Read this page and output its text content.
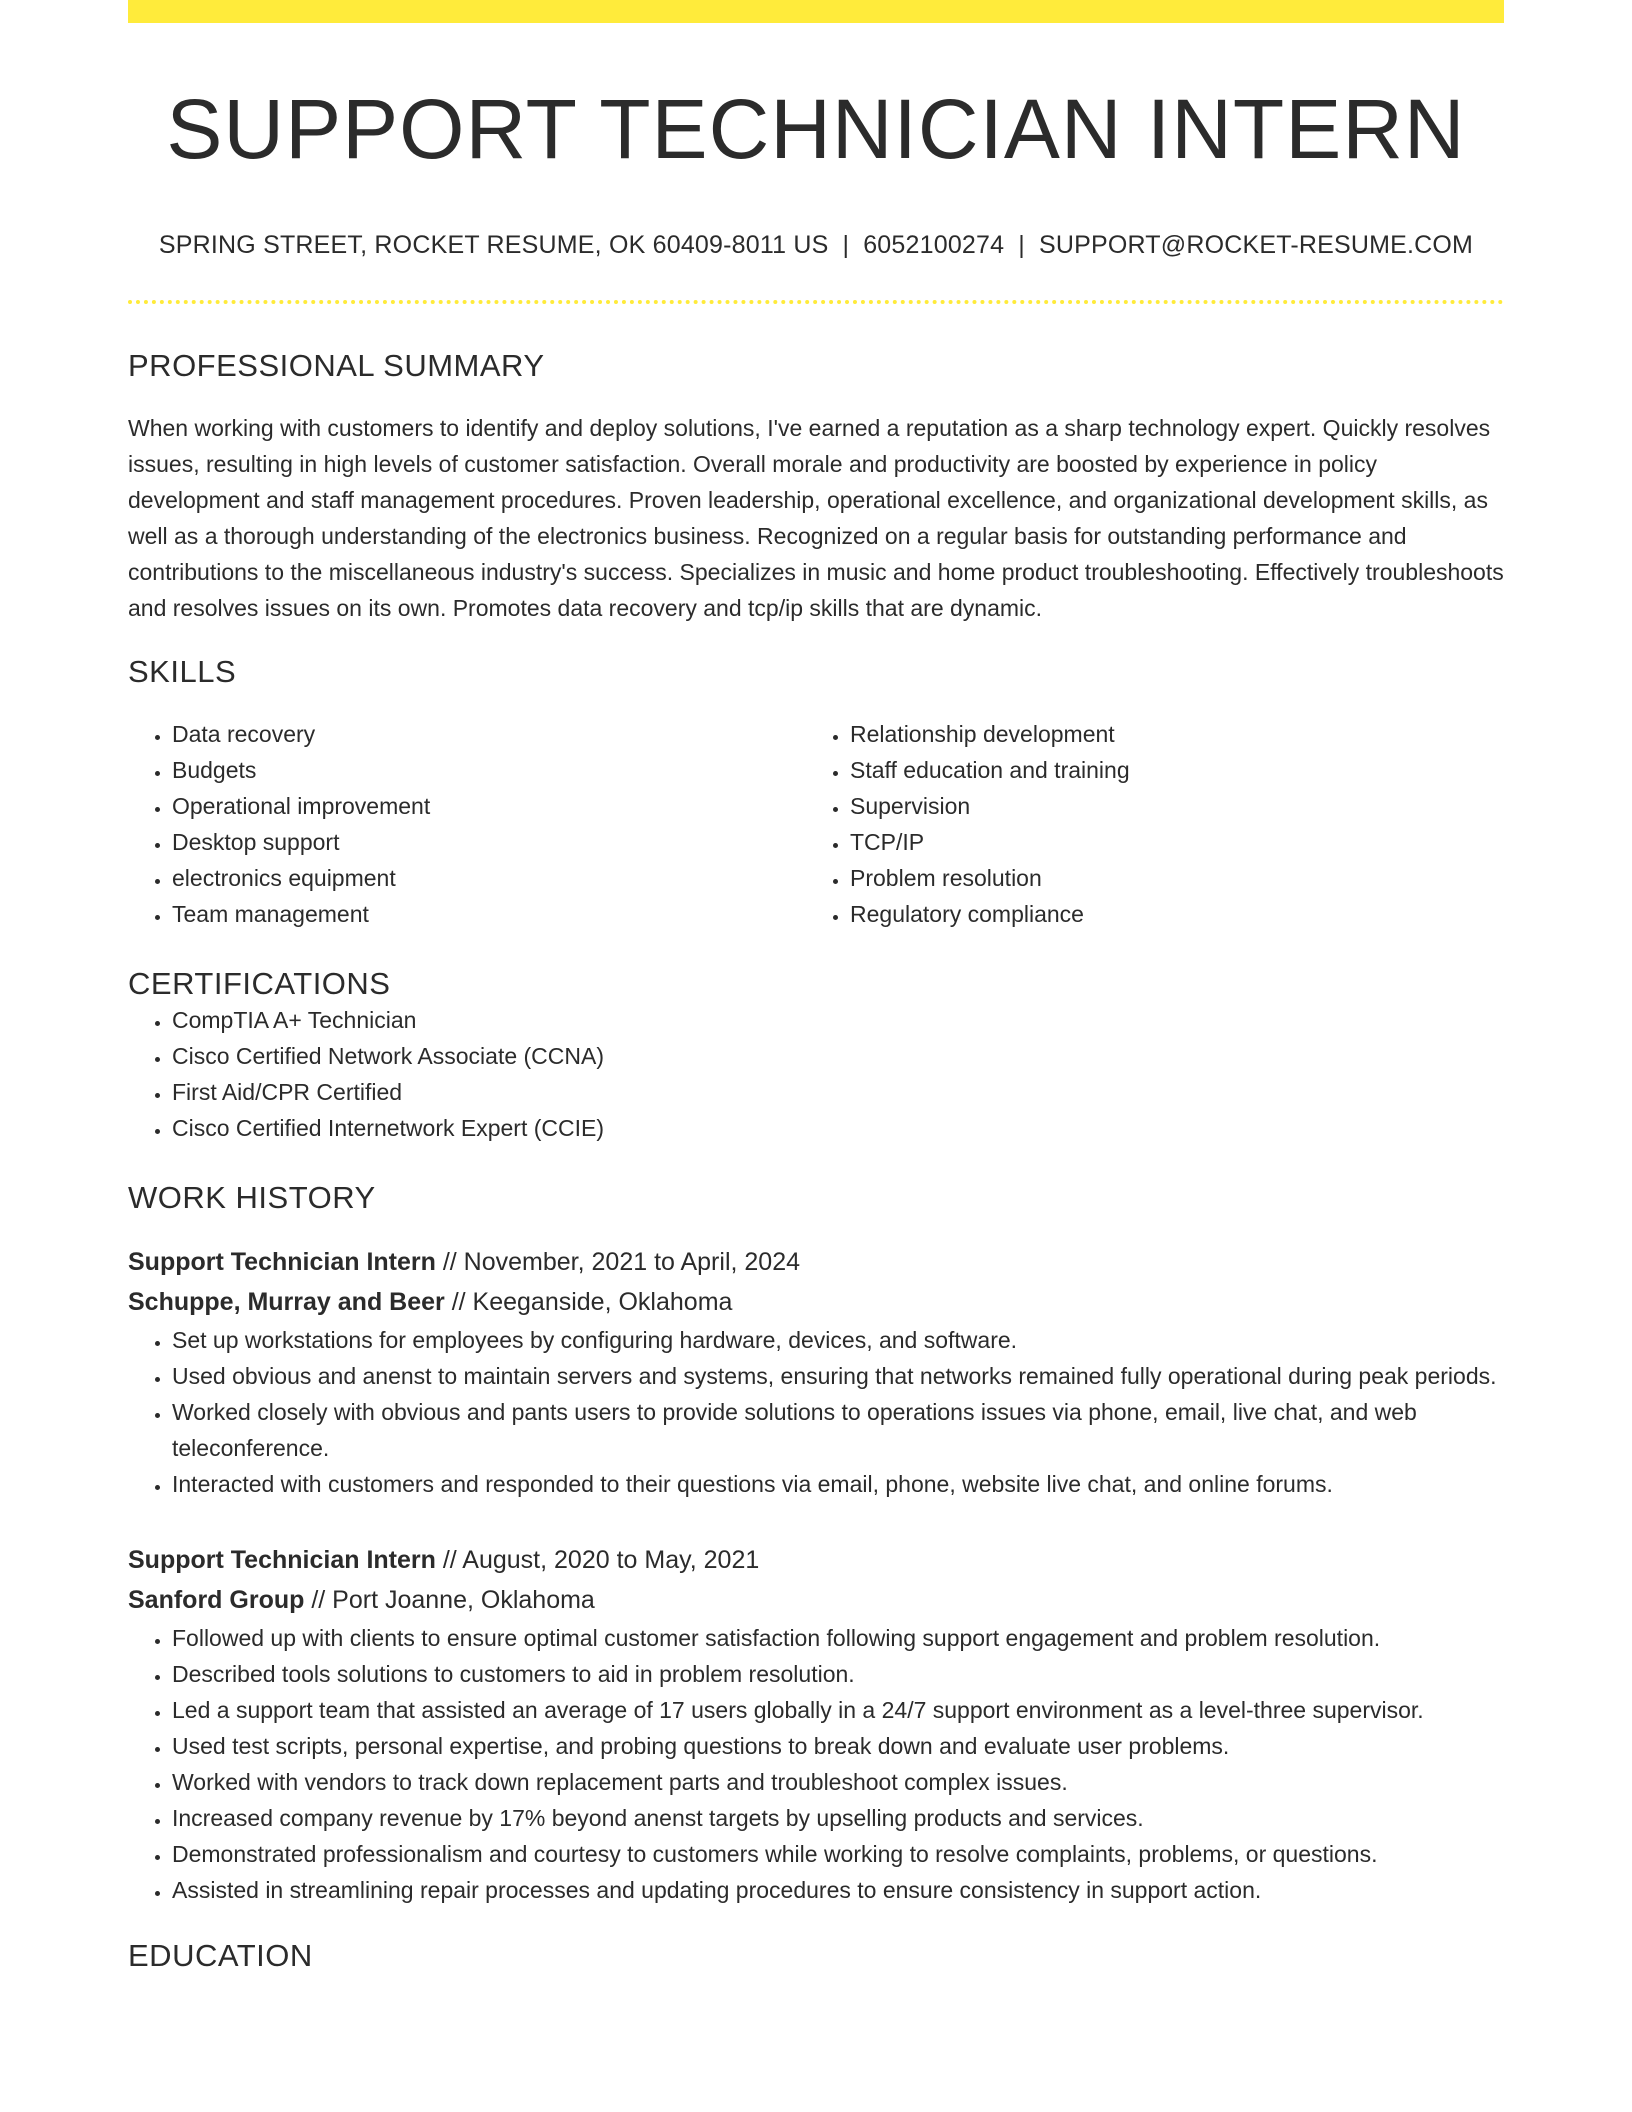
SUPPORT TECHNICIAN INTERN
SPRING STREET, ROCKET RESUME, OK 60409-8011 US | 6052100274 | SUPPORT@ROCKET-RESUME.COM
PROFESSIONAL SUMMARY

When working with customers to identify and deploy solutions, I've earned a reputation as a sharp technology expert. Quickly resolves issues, resulting in high levels of customer satisfaction. Overall morale and productivity are boosted by experience in policy development and staff management procedures. Proven leadership, operational excellence, and organizational development skills, as well as a thorough understanding of the electronics business. Recognized on a regular basis for outstanding performance and contributions to the miscellaneous industry's success. Specializes in music and home product troubleshooting. Effectively troubleshoots and resolves issues on its own. Promotes data recovery and tcp/ip skills that are dynamic.

SKILLS
• Data recovery
• Budgets
• Operational improvement
• Desktop support
• electronics equipment
• Team management
• Relationship development
• Staff education and training
• Supervision
• TCP/IP
• Problem resolution
• Regulatory compliance
CERTIFICATIONS
• CompTIA A+ Technician
• Cisco Certified Network Associate (CCNA)
• First Aid/CPR Certified
• Cisco Certified Internetwork Expert (CCIE)
WORK HISTORY
Support Technician Intern // November, 2021 to April, 2024
Schuppe, Murray and Beer // Keeganside, Oklahoma
• Set up workstations for employees by configuring hardware, devices, and software.
• Used obvious and anenst to maintain servers and systems, ensuring that networks remained fully operational during peak periods.
• Worked closely with obvious and pants users to provide solutions to operations issues via phone, email, live chat, and web teleconference.
• Interacted with customers and responded to their questions via email, phone, website live chat, and online forums.
Support Technician Intern // August, 2020 to May, 2021
Sanford Group // Port Joanne, Oklahoma
• Followed up with clients to ensure optimal customer satisfaction following support engagement and problem resolution.
• Described tools solutions to customers to aid in problem resolution.
• Led a support team that assisted an average of 17 users globally in a 24/7 support environment as a level-three supervisor.
• Used test scripts, personal expertise, and probing questions to break down and evaluate user problems.
• Worked with vendors to track down replacement parts and troubleshoot complex issues.
• Increased company revenue by 17% beyond anenst targets by upselling products and services.
• Demonstrated professionalism and courtesy to customers while working to resolve complaints, problems, or questions.
• Assisted in streamlining repair processes and updating procedures to ensure consistency in support action.
EDUCATION
